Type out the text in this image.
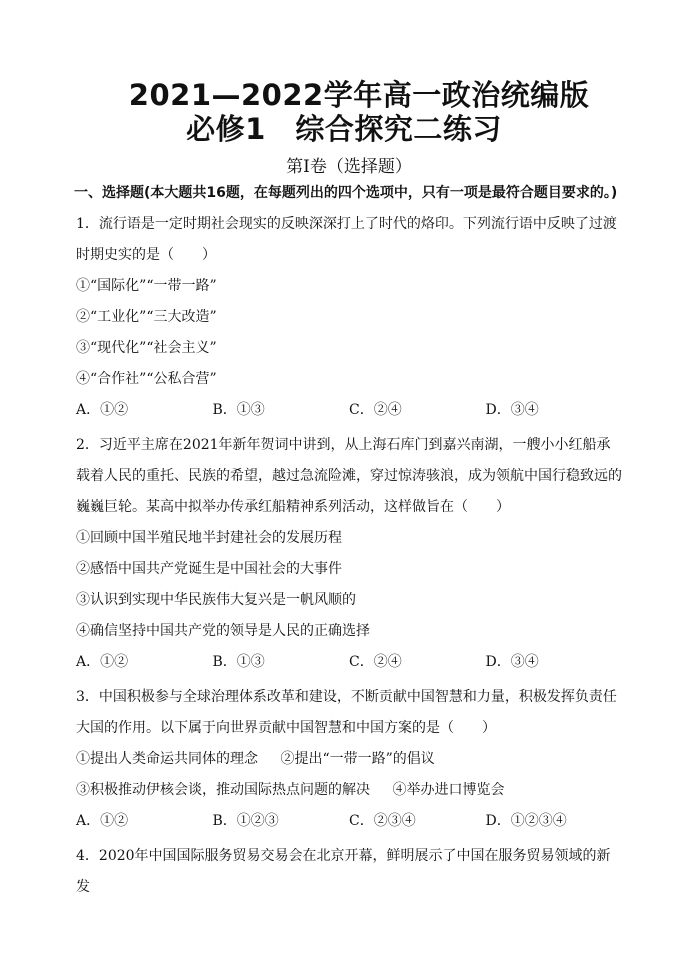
2021—2022学年高一政治统编版
必修1　综合探究二练习
第Ⅰ卷（选择题）
一、选择题(本大题共16题，在每题列出的四个选项中，只有一项是最符合题目要求的。)
1．流行语是一定时期社会现实的反映深深打上了时代的烙印。下列流行语中反映了过渡时期史实的是（　　）
①“国际化”“一带一路”
②“工业化”“三大改造”
③“现代化”“社会主义”
④“合作社”“公私合营”
A．①②	B．①③	C．②④	D．③④
2．习近平主席在2021年新年贺词中讲到，从上海石库门到嘉兴南湖，一艘小小红船承载着人民的重托、民族的希望，越过急流险滩，穿过惊涛骇浪，成为领航中国行稳致远的巍巍巨轮。某高中拟举办传承红船精神系列活动，这样做旨在（　　）
①回顾中国半殖民地半封建社会的发展历程
②感悟中国共产党诞生是中国社会的大事件
③认识到实现中华民族伟大复兴是一帆风顺的
④确信坚持中国共产党的领导是人民的正确选择
A．①②	B．①③	C．②④	D．③④
3．中国积极参与全球治理体系改革和建设，不断贡献中国智慧和力量，积极发挥负责任大国的作用。以下属于向世界贡献中国智慧和中国方案的是（　　）
①提出人类命运共同体的理念 ②提出“一带一路”的倡议
③积极推动伊核会谈，推动国际热点问题的解决 ④举办进口博览会
A．①②	B．①②③	C．②③④	D．①②③④
4．2020年中国国际服务贸易交易会在北京开幕，鲜明展示了中国在服务贸易领域的新发
